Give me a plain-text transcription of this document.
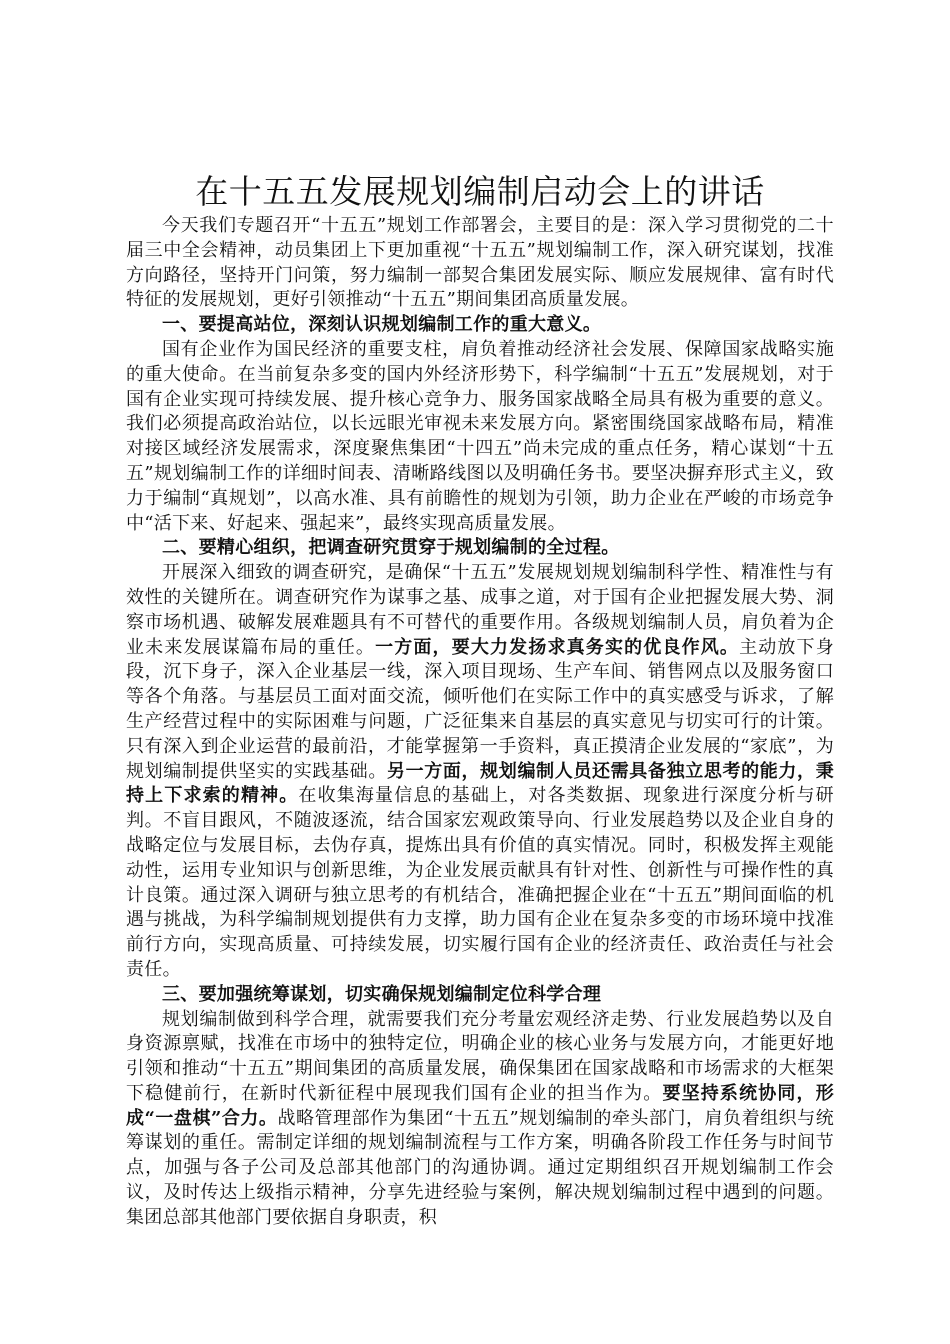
在十五五发展规划编制启动会上的讲话

今天我们专题召开“十五五”规划工作部署会，主要目的是：深入学习贯彻党的二十届三中全会精神，动员集团上下更加重视“十五五”规划编制工作，深入研究谋划，找准方向路径，坚持开门问策，努力编制一部契合集团发展实际、顺应发展规律、富有时代特征的发展规划，更好引领推动“十五五”期间集团高质量发展。

一、要提高站位，深刻认识规划编制工作的重大意义。

国有企业作为国民经济的重要支柱，肩负着推动经济社会发展、保障国家战略实施的重大使命。在当前复杂多变的国内外经济形势下，科学编制“十五五”发展规划，对于国有企业实现可持续发展、提升核心竞争力、服务国家战略全局具有极为重要的意义。我们必须提高政治站位，以长远眼光审视未来发展方向。紧密围绕国家战略布局，精准对接区域经济发展需求，深度聚焦集团“十四五”尚未完成的重点任务，精心谋划“十五五”规划编制工作的详细时间表、清晰路线图以及明确任务书。要坚决摒弃形式主义，致力于编制“真规划”，以高水准、具有前瞻性的规划为引领，助力企业在严峻的市场竞争中“活下来、好起来、强起来”，最终实现高质量发展。

二、要精心组织，把调查研究贯穿于规划编制的全过程。

开展深入细致的调查研究，是确保“十五五”发展规划规划编制科学性、精准性与有效性的关键所在。调查研究作为谋事之基、成事之道，对于国有企业把握发展大势、洞察市场机遇、破解发展难题具有不可替代的重要作用。各级规划编制人员，肩负着为企业未来发展谋篇布局的重任。一方面，要大力发扬求真务实的优良作风。主动放下身段，沉下身子，深入企业基层一线，深入项目现场、生产车间、销售网点以及服务窗口等各个角落。与基层员工面对面交流，倾听他们在实际工作中的真实感受与诉求，了解生产经营过程中的实际困难与问题，广泛征集来自基层的真实意见与切实可行的计策。只有深入到企业运营的最前沿，才能掌握第一手资料，真正摸清企业发展的“家底”，为规划编制提供坚实的实践基础。另一方面，规划编制人员还需具备独立思考的能力，秉持上下求索的精神。在收集海量信息的基础上，对各类数据、现象进行深度分析与研判。不盲目跟风，不随波逐流，结合国家宏观政策导向、行业发展趋势以及企业自身的战略定位与发展目标，去伪存真，提炼出具有价值的真实情况。同时，积极发挥主观能动性，运用专业知识与创新思维，为企业发展贡献具有针对性、创新性与可操作性的真计良策。通过深入调研与独立思考的有机结合，准确把握企业在“十五五”期间面临的机遇与挑战，为科学编制规划提供有力支撑，助力国有企业在复杂多变的市场环境中找准前行方向，实现高质量、可持续发展，切实履行国有企业的经济责任、政治责任与社会责任。

三、要加强统筹谋划，切实确保规划编制定位科学合理

规划编制做到科学合理，就需要我们充分考量宏观经济走势、行业发展趋势以及自身资源禀赋，找准在市场中的独特定位，明确企业的核心业务与发展方向，才能更好地引领和推动“十五五”期间集团的高质量发展，确保集团在国家战略和市场需求的大框架下稳健前行，在新时代新征程中展现我们国有企业的担当作为。要坚持系统协同，形成“一盘棋”合力。战略管理部作为集团“十五五”规划编制的牵头部门，肩负着组织与统筹谋划的重任。需制定详细的规划编制流程与工作方案，明确各阶段工作任务与时间节点，加强与各子公司及总部其他部门的沟通协调。通过定期组织召开规划编制工作会议，及时传达上级指示精神，分享先进经验与案例，解决规划编制过程中遇到的问题。集团总部其他部门要依据自身职责，积
